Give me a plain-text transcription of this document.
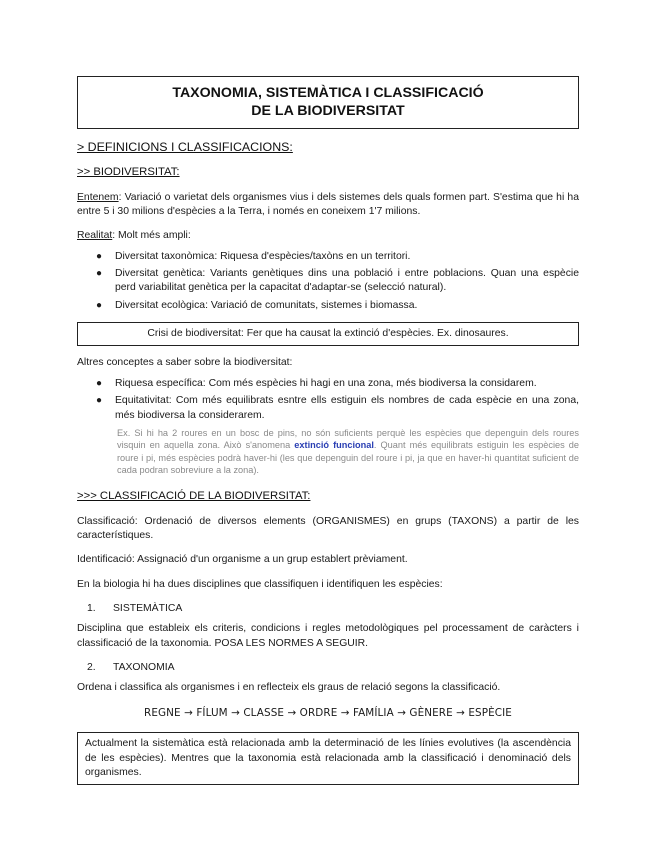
TAXONOMIA, SISTEMÀTICA I CLASSIFICACIÓ
DE LA BIODIVERSITAT
> DEFINICIONS I CLASSIFICACIONS:
>> BIODIVERSITAT:

Entenem: Variació o varietat dels organismes vius i dels sistemes dels quals formen part. S'estima que hi ha entre 5 i 30 milions d'espècies a la Terra, i només en coneixem 1'7 milions.

Realitat: Molt més ampli:

● Diversitat taxonòmica: Riquesa d'espècies/taxòns en un territori.
● Diversitat genètica: Variants genètiques dins una població i entre poblacions. Quan una espècie perd variabilitat genètica per la capacitat d'adaptar-se (selecció natural).
● Diversitat ecològica: Variació de comunitats, sistemes i biomassa.
Crisi de biodiversitat: Fer que ha causat la extinció d'espècies. Ex. dinosaures.

Altres conceptes a saber sobre la biodiversitat:

● Riquesa específica: Com més espècies hi hagi en una zona, més biodiversa la considarem.
● Equitativitat: Com més equilibrats esntre ells estiguin els nombres de cada espècie en una zona, més biodiversa la considerarem.
Ex. Si hi ha 2 roures en un bosc de pins, no són suficients perquè les espècies que depenguin dels roures visquin en aquella zona. Això s'anomena extinció funcional. Quant més equilibrats estiguin les espècies de roure i pi, més espècies podrà haver-hi (les que depenguin del roure i pi, ja que en haver-hi quantitat suficient de cada podran sobreviure a la zona).
>>> CLASSIFICACIÓ DE LA BIODIVERSITAT:

Classificació: Ordenació de diversos elements (ORGANISMES) en grups (TAXONS) a partir de les característiques.

Identificació: Assignació d'un organisme a un grup establert prèviament.

En la biologia hi ha dues disciplines que classifiquen i identifiquen les espècies:

1. SISTEMÀTICA

Disciplina que estableix els criteris, condicions i regles metodològiques pel processament de caràcters i classificació de la taxonomia. POSA LES NORMES A SEGUIR.

2. TAXONOMIA

Ordena i classifica als organismes i en reflecteix els graus de relació segons la classificació.

REGNE → FÍLUM → CLASSE → ORDRE → FAMÍLIA → GÈNERE → ESPÈCIE
Actualment la sistemàtica està relacionada amb la determinació de les línies evolutives (la ascendència de les espècies). Mentres que la taxonomia està relacionada amb la classificació i denominació dels organismes.
